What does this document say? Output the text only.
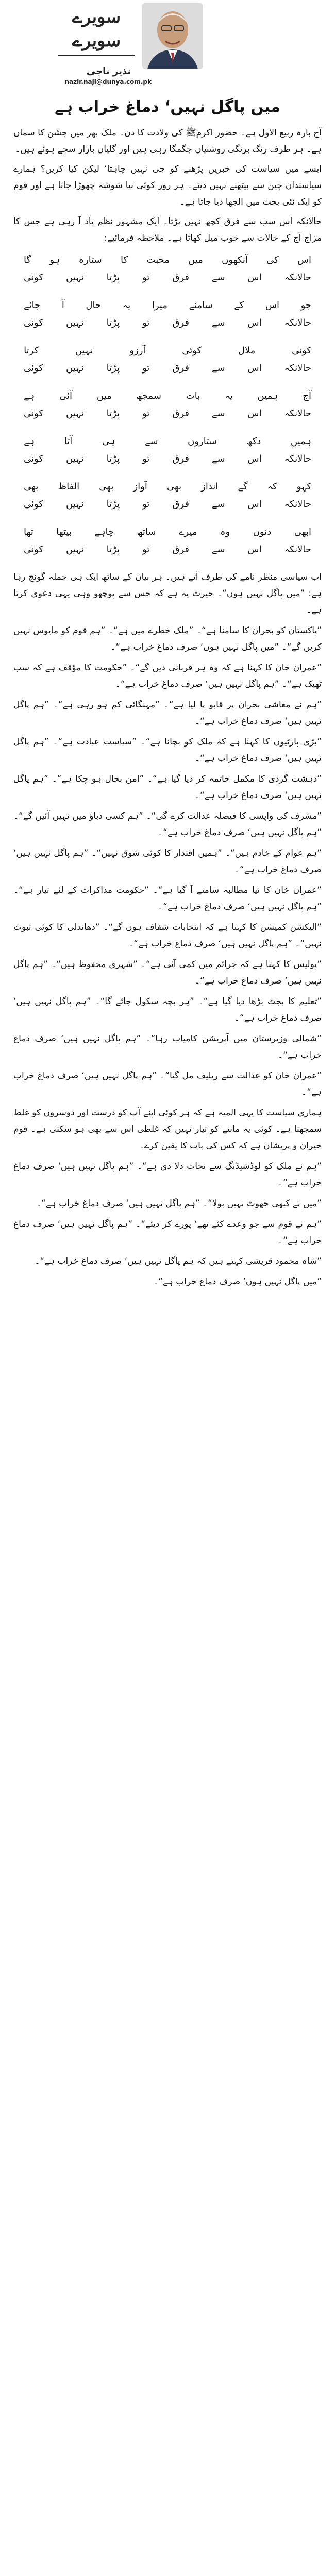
سویرے سویرے
نذیر ناجی
nazir.naji@dunya.com.pk
میں پاگل نہیں‘ دماغ خراب ہے

آج بارہ ربیع الاول ہے۔ حضور اکرمﷺ کی ولادت کا دن۔ ملک بھر میں جشن کا سماں ہے۔ ہر طرف رنگ برنگی روشنیاں جگمگا رہی ہیں اور گلیاں بازار سجے ہوئے ہیں۔

ایسے میں سیاست کی خبریں پڑھنے کو جی نہیں چاہتا‘ لیکن کیا کریں؟ ہمارے سیاستدان چین سے بیٹھنے نہیں دیتے۔ ہر روز کوئی نیا شوشہ چھوڑا جاتا ہے اور قوم کو ایک نئی بحث میں الجھا دیا جاتا ہے۔

حالانکہ اس سب سے فرق کچھ نہیں پڑتا۔ ایک مشہور نظم یاد آ رہی ہے جس کا مزاج آج کے حالات سے خوب میل کھاتا ہے۔ ملاحظہ فرمائیے:

اس
کی
آنکھوں
میں
محبت
کا
ستارہ
ہو
گا
حالانکہ
اس
سے
فرق
تو
پڑتا
نہیں
کوئی
جو
اس
کے
سامنے
میرا
یہ
حال
آ
جائے
حالانکہ
اس
سے
فرق
تو
پڑتا
نہیں
کوئی
کوئی
ملال
کوئی
آرزو
نہیں
کرتا
حالانکہ
اس
سے
فرق
تو
پڑتا
نہیں
کوئی
آج
ہمیں
یہ
بات
سمجھ
میں
آئی
ہے
حالانکہ
اس
سے
فرق
تو
پڑتا
نہیں
کوئی
ہمیں
دکھ
ستاروں
سے
ہی
آتا
ہے
حالانکہ
اس
سے
فرق
تو
پڑتا
نہیں
کوئی
کہو
کہ
گے
انداز
بھی
آواز
بھی
الفاظ
بھی
حالانکہ
اس
سے
فرق
تو
پڑتا
نہیں
کوئی
ابھی
دنوں
وہ
میرے
ساتھ
چاہے
بیٹھا
تھا
حالانکہ
اس
سے
فرق
تو
پڑتا
نہیں
کوئی

اب سیاسی منظر نامے کی طرف آتے ہیں۔ ہر بیان کے ساتھ ایک ہی جملہ گونج رہا ہے: ”میں پاگل نہیں ہوں“۔ حیرت یہ ہے کہ جس سے پوچھو وہی یہی دعویٰ کرتا ہے۔

”پاکستان کو بحران کا سامنا ہے“۔ ”ملک خطرے میں ہے“۔ ”ہم قوم کو مایوس نہیں کریں گے“۔ ”میں پاگل نہیں ہوں‘ صرف دماغ خراب ہے“۔

”عمران خان کا کہنا ہے کہ وہ ہر قربانی دیں گے“۔ ”حکومت کا مؤقف ہے کہ سب ٹھیک ہے“۔ ”ہم پاگل نہیں ہیں‘ صرف دماغ خراب ہے“۔

”ہم نے معاشی بحران پر قابو پا لیا ہے“۔ ”مہنگائی کم ہو رہی ہے“۔ ”ہم پاگل نہیں ہیں‘ صرف دماغ خراب ہے“۔

”بڑی پارٹیوں کا کہنا ہے کہ ملک کو بچانا ہے“۔ ”سیاست عبادت ہے“۔ ”ہم پاگل نہیں ہیں‘ صرف دماغ خراب ہے“۔

”دہشت گردی کا مکمل خاتمہ کر دیا گیا ہے“۔ ”امن بحال ہو چکا ہے“۔ ”ہم پاگل نہیں ہیں‘ صرف دماغ خراب ہے“۔

”مشرف کی واپسی کا فیصلہ عدالت کرے گی“۔ ”ہم کسی دباؤ میں نہیں آئیں گے“۔ ”ہم پاگل نہیں ہیں‘ صرف دماغ خراب ہے“۔

”ہم عوام کے خادم ہیں“۔ ”ہمیں اقتدار کا کوئی شوق نہیں“۔ ”ہم پاگل نہیں ہیں‘ صرف دماغ خراب ہے“۔

”عمران خان کا نیا مطالبہ سامنے آ گیا ہے“۔ ”حکومت مذاکرات کے لئے تیار ہے“۔ ”ہم پاگل نہیں ہیں‘ صرف دماغ خراب ہے“۔

”الیکشن کمیشن کا کہنا ہے کہ انتخابات شفاف ہوں گے“۔ ”دھاندلی کا کوئی ثبوت نہیں“۔ ”ہم پاگل نہیں ہیں‘ صرف دماغ خراب ہے“۔

”پولیس کا کہنا ہے کہ جرائم میں کمی آئی ہے“۔ ”شہری محفوظ ہیں“۔ ”ہم پاگل نہیں ہیں‘ صرف دماغ خراب ہے“۔

”تعلیم کا بجٹ بڑھا دیا گیا ہے“۔ ”ہر بچہ سکول جائے گا“۔ ”ہم پاگل نہیں ہیں‘ صرف دماغ خراب ہے“۔

”شمالی وزیرستان میں آپریشن کامیاب رہا“۔ ”ہم پاگل نہیں ہیں‘ صرف دماغ خراب ہے“۔

”عمران خان کو عدالت سے ریلیف مل گیا“۔ ”ہم پاگل نہیں ہیں‘ صرف دماغ خراب ہے“۔

ہماری سیاست کا یہی المیہ ہے کہ ہر کوئی اپنے آپ کو درست اور دوسروں کو غلط سمجھتا ہے۔ کوئی یہ ماننے کو تیار نہیں کہ غلطی اس سے بھی ہو سکتی ہے۔ قوم حیران و پریشان ہے کہ کس کی بات کا یقین کرے۔

”ہم نے ملک کو لوڈشیڈنگ سے نجات دلا دی ہے“۔ ”ہم پاگل نہیں ہیں‘ صرف دماغ خراب ہے“۔

”میں نے کبھی جھوٹ نہیں بولا“۔ ”ہم پاگل نہیں ہیں‘ صرف دماغ خراب ہے“۔

”ہم نے قوم سے جو وعدے کئے تھے‘ پورے کر دیئے“۔ ”ہم پاگل نہیں ہیں‘ صرف دماغ خراب ہے“۔

”شاہ محمود قریشی کہتے ہیں کہ ہم پاگل نہیں ہیں‘ صرف دماغ خراب ہے“۔

”میں پاگل نہیں ہوں‘ صرف دماغ خراب ہے“۔
